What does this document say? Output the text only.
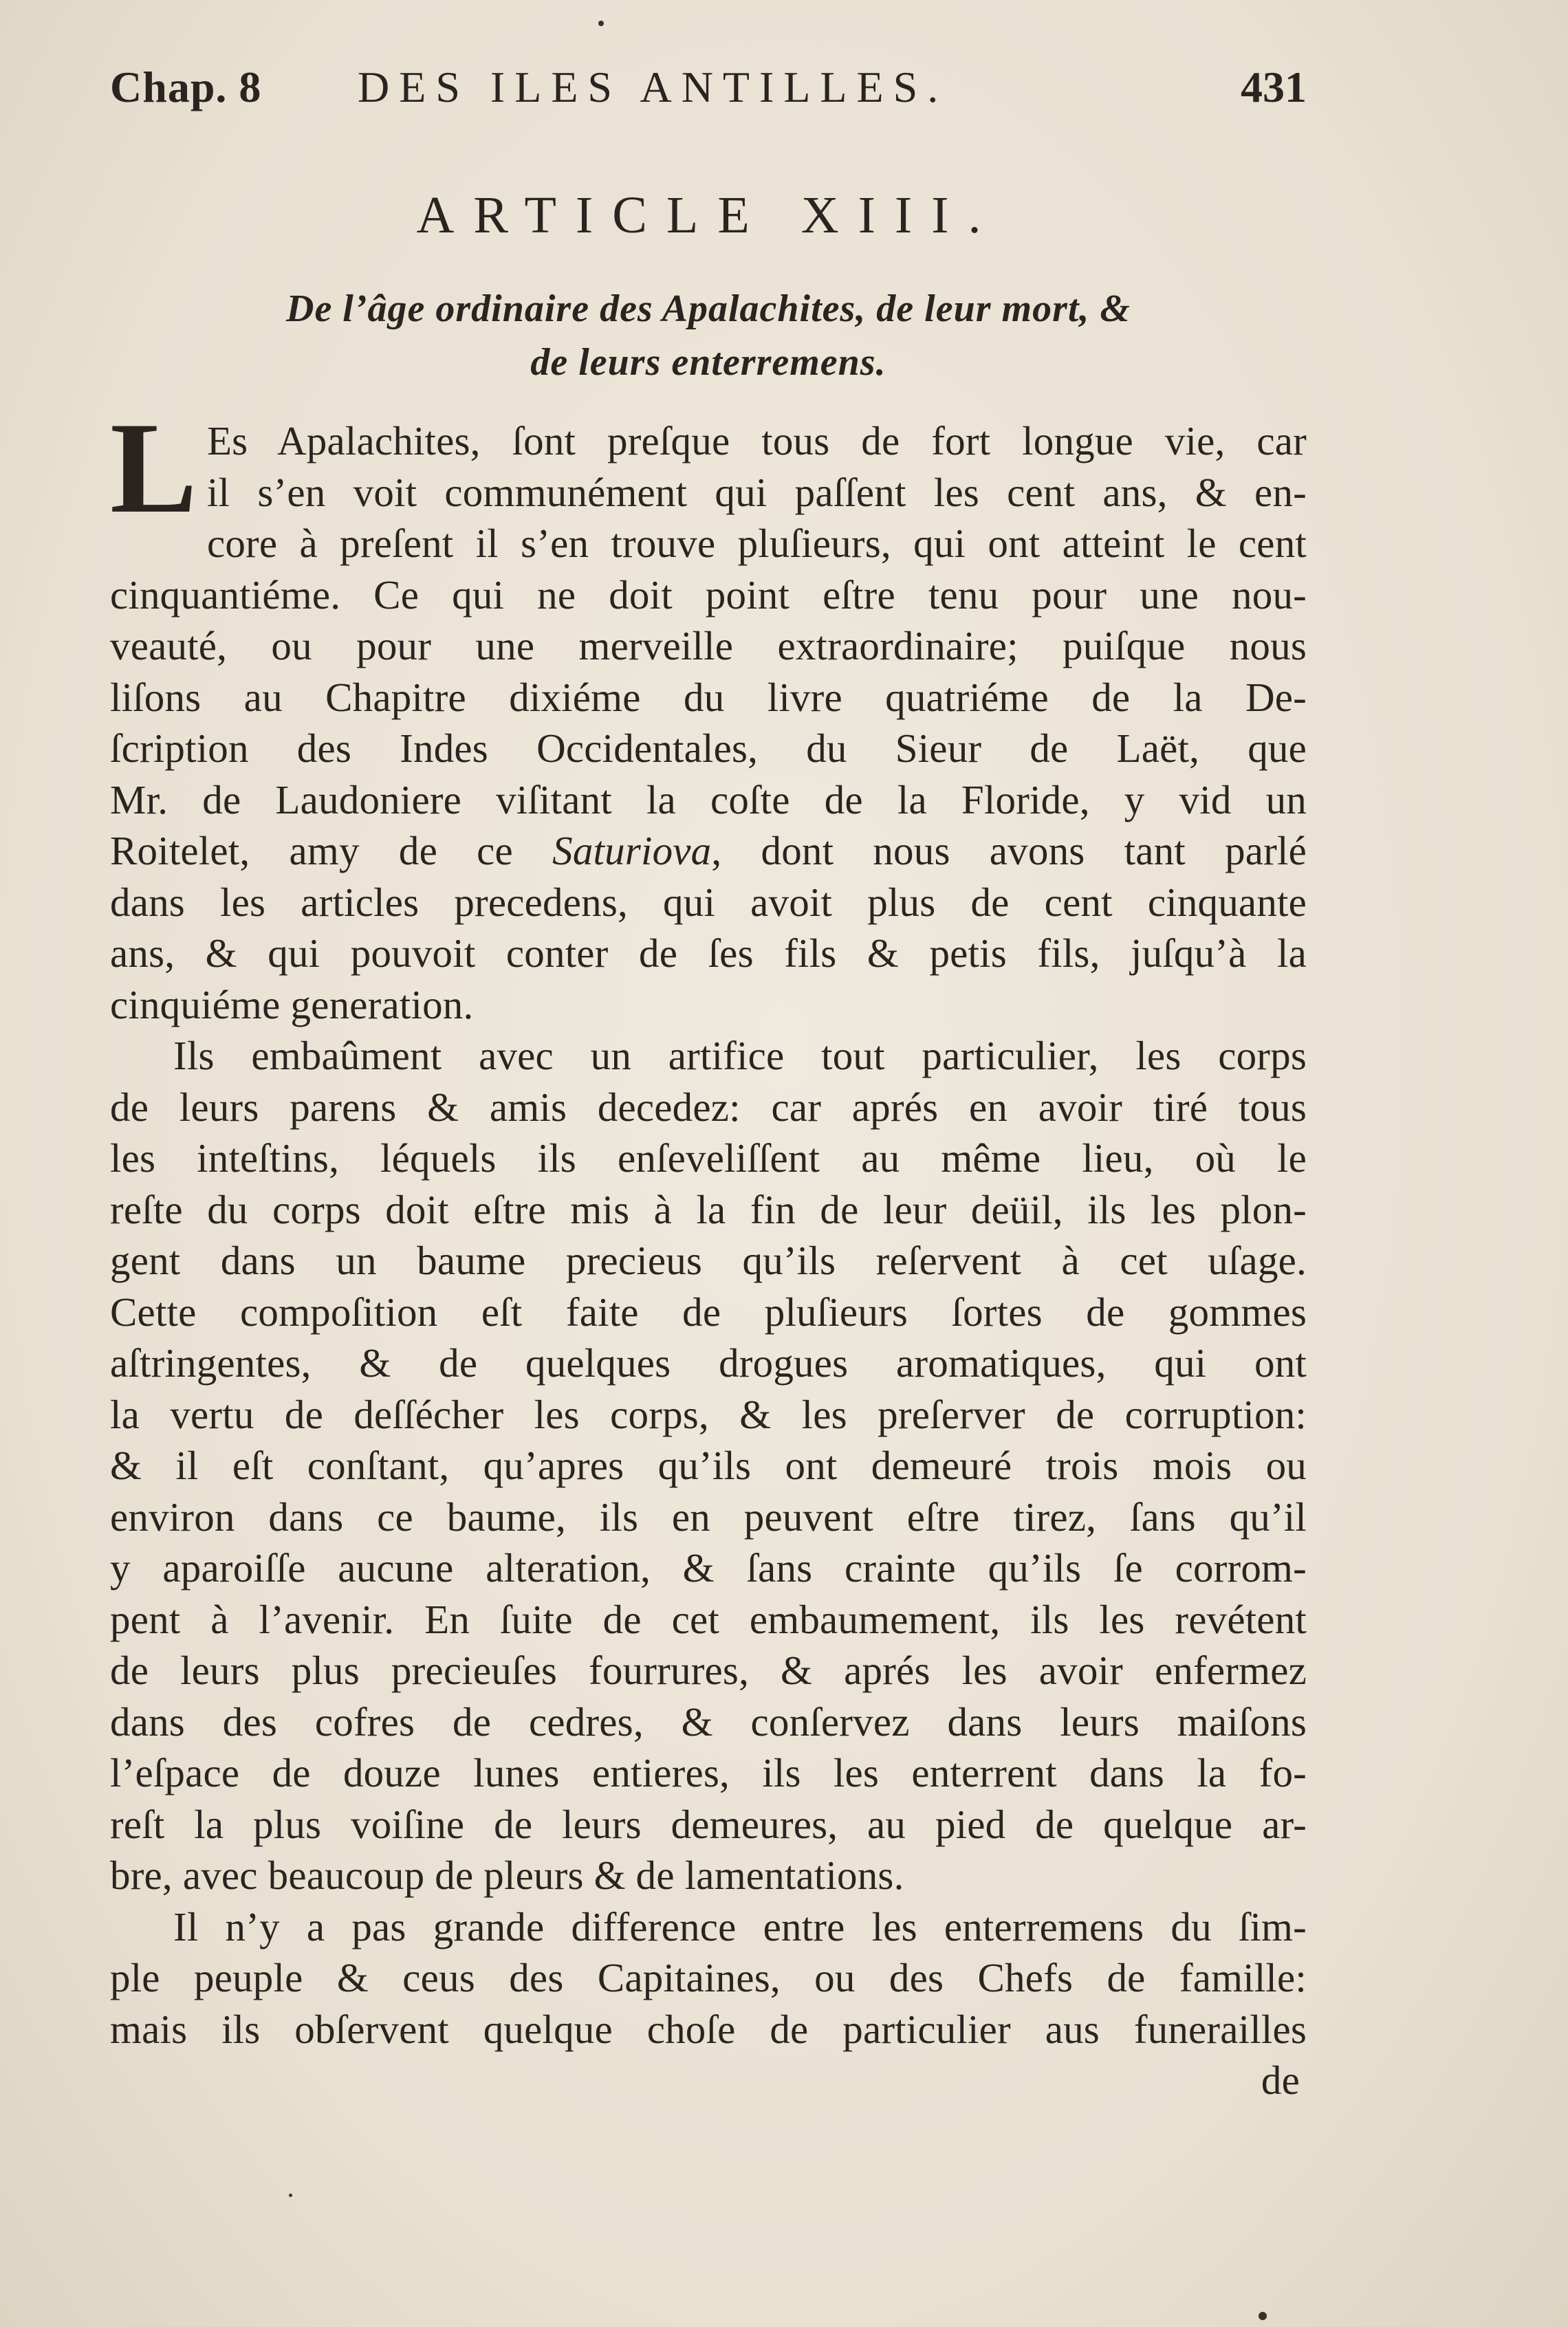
Chap. 8 DES ILES ANTILLES.	431
ARTICLE XIII.
De l’âge ordinaire des Apalachites, de leur mort, &
de leurs enterremens.
L Es Apalachites, ſont preſque tous de fort longue vie, car
il s’en voit communément qui paſſent les cent ans, & en-
core à preſent il s’en trouve pluſieurs, qui ont atteint le cent
cinquantiéme. Ce qui ne doit point eſtre tenu pour une nou-
veauté, ou pour une merveille extraordinaire; puiſque nous
liſons au Chapitre dixiéme du livre quatriéme de la De-
ſcription des Indes Occidentales, du Sieur de Laët, que
Mr. de Laudoniere viſitant la coſte de la Floride, y vid un
Roitelet, amy de ce Saturiova, dont nous avons tant parlé
dans les articles precedens, qui avoit plus de cent cinquante
ans, & qui pouvoit conter de ſes fils & petis fils, juſqu’à la
cinquiéme generation.
Ils embaûment avec un artifice tout particulier, les corps
de leurs parens & amis decedez: car aprés en avoir tiré tous
les inteſtins, léquels ils enſeveliſſent au même lieu, où le
reſte du corps doit eſtre mis à la fin de leur deüil, ils les plon-
gent dans un baume precieus qu’ils reſervent à cet uſage.
Cette compoſition eſt faite de pluſieurs ſortes de gommes
aſtringentes, & de quelques drogues aromatiques, qui ont
la vertu de deſſécher les corps, & les preſerver de corruption:
& il eſt conſtant, qu’apres qu’ils ont demeuré trois mois ou
environ dans ce baume, ils en peuvent eſtre tirez, ſans qu’il
y aparoiſſe aucune alteration, & ſans crainte qu’ils ſe corrom-
pent à l’avenir. En ſuite de cet embaumement, ils les revétent
de leurs plus precieuſes fourrures, & aprés les avoir enfermez
dans des cofres de cedres, & conſervez dans leurs maiſons
l’eſpace de douze lunes entieres, ils les enterrent dans la fo-
reſt la plus voiſine de leurs demeures, au pied de quelque ar-
bre, avec beaucoup de pleurs & de lamentations.
Il n’y a pas grande difference entre les enterremens du ſim-
ple peuple & ceus des Capitaines, ou des Chefs de famille:
mais ils obſervent quelque choſe de particulier aus funerailles
de
